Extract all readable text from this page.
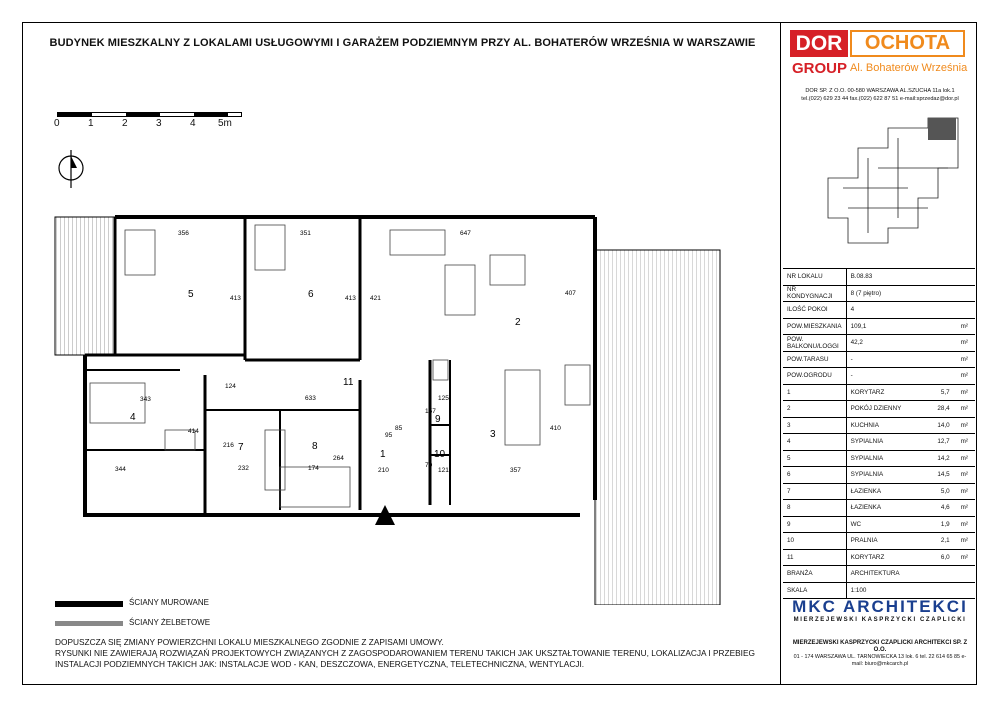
BUDYNEK MIESZKALNY Z LOKALAMI USŁUGOWYMI I GARAŻEM PODZIEMNYM PRZY AL. BOHATERÓW WRZEŚNIA W WARSZAWIE
0	1	2	3	4 5m
2
3
4
5	6
7	8
9
10
11
1
356	351	647
407
413	413 421
343
124
633
414
216
264
157
125
410
344	232	174	210	121	357
95
85
70
ŚCIANY MUROWANE
ŚCIANY ŻELBETOWE
DOPUSZCZA SIĘ ZMIANY POWIERZCHNI LOKALU MIESZKALNEGO ZGODNIE Z ZAPISAMI UMOWY.
RYSUNKI NIE ZAWIERAJĄ ROZWIĄZAŃ PROJEKTOWYCH ZWIĄZANYCH Z ZAGOSPODAROWANIEM TERENU TAKICH JAK UKSZTAŁTOWANIE TERENU, LOKALIZACJA I PRZEBIEG
INSTALACJI PODZIEMNYCH TAKICH JAK: INSTALACJE WOD - KAN, DESZCZOWA, ENERGETYCZNA, TELETECHNICZNA, WENTYLACJI.
DOR	OCHOTA
GROUP Al. Bohaterów Września
DOR SP. Z O.O. 00-580 WARSZAWA AL.SZUCHA 11a lok.1
tel.(022) 629 23 44 fax.(022) 622 87 51 e-mail:sprzedaz@dor.pl
NR LOKALU	B.08.83		
NR KONDYGNACJI	8 (7 piętro)		
ILOŚĆ POKOI	4		
POW.MIESZKANIA	109,1		m²
POW. BALKONU/LOGGI	42,2		m²
POW.TARASU	-		m²
POW.OGRODU	-		m²
1	KORYTARZ	5,7	m²
2	POKÓJ DZIENNY	28,4	m²
3	KUCHNIA	14,0	m²
4	SYPIALNIA	12,7	m²
5	SYPIALNIA	14,2	m²
6	SYPIALNIA	14,5	m²
7	ŁAZIENKA	5,0	m²
8	ŁAZIENKA	4,6	m²
9	WC	1,9	m²
10	PRALNIA	2,1	m²
11	KORYTARZ	6,0	m²
BRANŻA	ARCHITEKTURA		
SKALA	1:100		
MKC ARCHITEKCI
MIERZEJEWSKI KASPRZYCKI CZAPLICKI
MIERZEJEWSKI KASPRZYCKI CZAPLICKI ARCHITEKCI SP. Z O.O.
01 - 174 WARSZAWA UL. TARNOWIECKA 13 lok. 6 tel. 22 614 65 85 e-mail: biuro@mkcarch.pl
